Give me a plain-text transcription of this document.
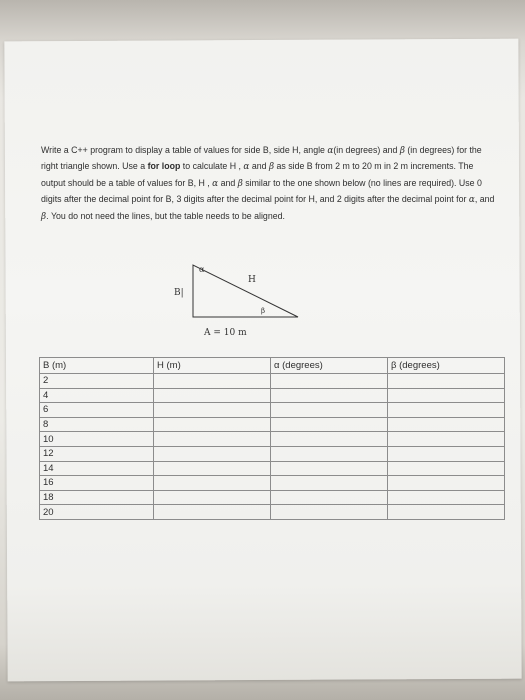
Write a C++ program to display a table of values for side B, side H, angle α(in degrees) and β (in degrees) for the right triangle shown. Use a for loop to calculate H , α and β as side B from 2 m to 20 m in 2 m increments. The output should be a table of values for B, H , α and β similar to the one shown below (no lines are required). Use 0 digits after the decimal point for B, 3 digits after the decimal point for H, and 2 digits after the decimal point for α, and β. You do not need the lines, but the table needs to be aligned.

α
H
B|
β
A = 10 m
B (m)	H (m)	α (degrees)	β (degrees)
2			
4			
6			
8			
10			
12			
14			
16			
18			
20			
